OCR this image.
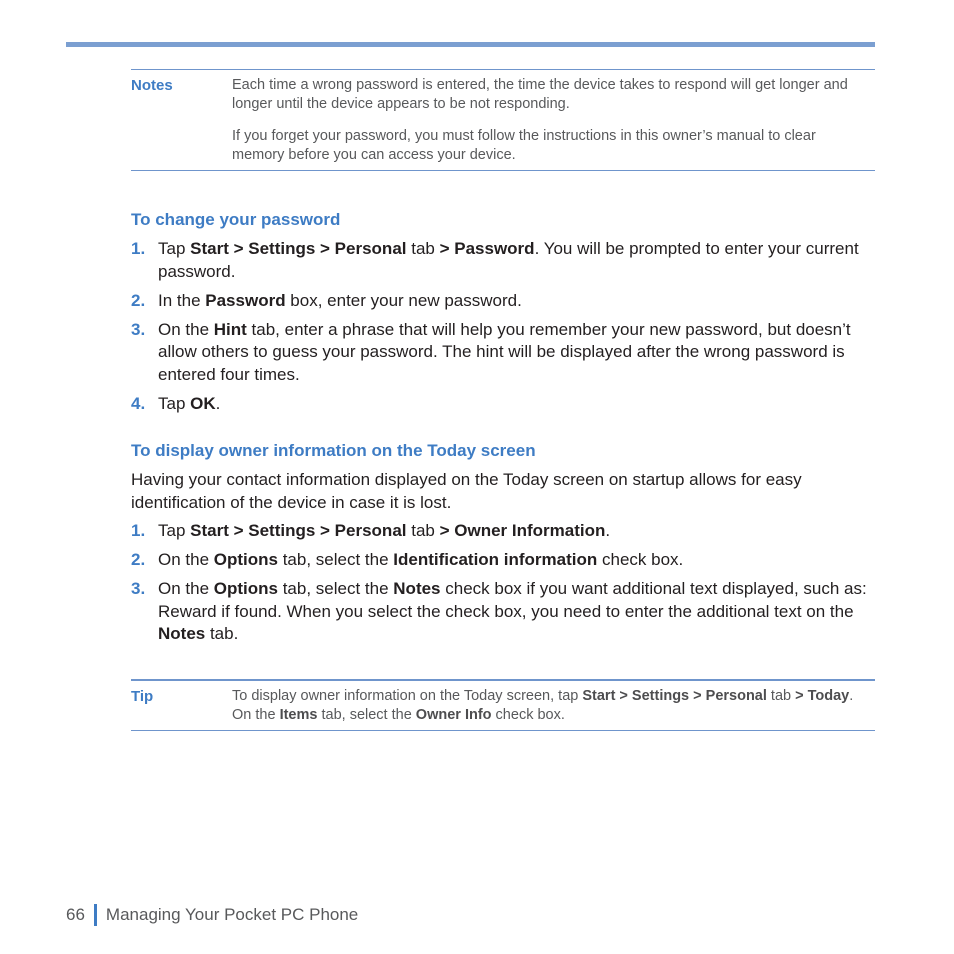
Notes	Each time a wrong password is entered, the time the device takes to respond will get longer and longer until the device appears to be not responding.

If you forget your password, you must follow the instructions in this owner’s manual to clear memory before you can access your device.

To change your password
1. Tap Start > Settings > Personal tab > Password. You will be prompted to enter your current password.
2. In the Password box, enter your new password.
3. On the Hint tab, enter a phrase that will help you remember your new password, but doesn’t allow others to guess your password. The hint will be displayed after the wrong password is entered four times.
4. Tap OK.
To display owner information on the Today screen

Having your contact information displayed on the Today screen on startup allows for easy identification of the device in case it is lost.

1. Tap Start > Settings > Personal tab > Owner Information.
2. On the Options tab, select the Identification information check box.
3. On the Options tab, select the Notes check box if you want additional text displayed, such as: Reward if found. When you select the check box, you need to enter the additional text on the Notes tab.
Tip	To display owner information on the Today screen, tap Start > Settings > Personal tab > Today. On the Items tab, select the Owner Info check box.

66 Managing Your Pocket PC Phone
